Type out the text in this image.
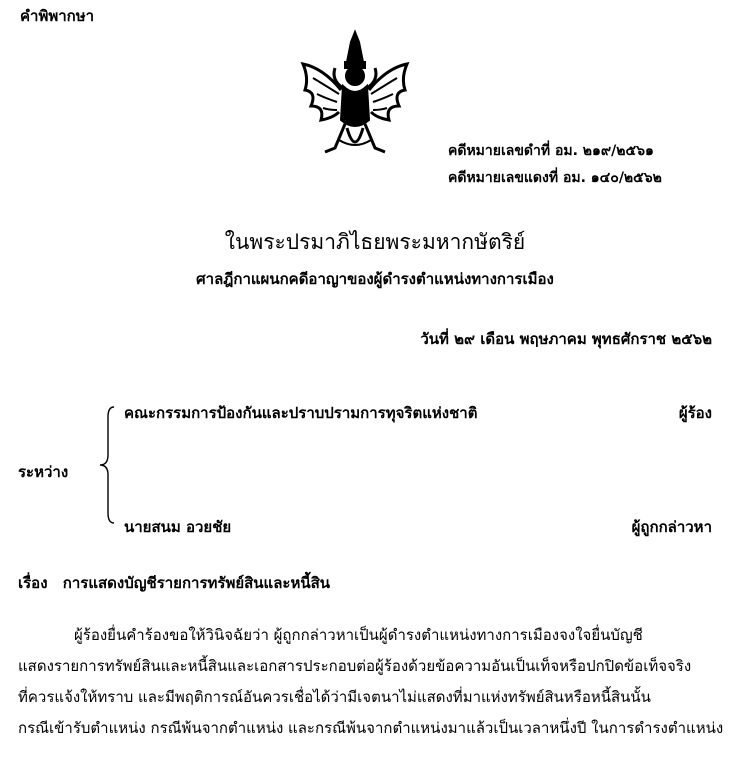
คำพิพากษา
คดีหมายเลขดำที่ อม. ๒๑๙/๒๕๖๑
คดีหมายเลขแดงที่ อม. ๑๔๐/๒๕๖๒
ในพระปรมาภิไธยพระมหากษัตริย์
ศาลฎีกาแผนกคดีอาญาของผู้ดำรงตำแหน่งทางการเมือง
วันที่ ๒๙ เดือน พฤษภาคม พุทธศักราช ๒๕๖๒
คณะกรรมการป้องกันและปราบปรามการทุจริตแห่งชาติ	ผู้ร้อง
ระหว่าง
นายสนม อวยชัย	ผู้ถูกกล่าวหา
เรื่อง การแสดงบัญชีรายการทรัพย์สินและหนี้สิน

ผู้ร้องยื่นคำร้องขอให้วินิจฉัยว่า ผู้ถูกกล่าวหาเป็นผู้ดำรงตำแหน่งทางการเมืองจงใจยื่นบัญชี

แสดงรายการทรัพย์สินและหนี้สินและเอกสารประกอบต่อผู้ร้องด้วยข้อความอันเป็นเท็จหรือปกปิดข้อเท็จจริง

ที่ควรแจ้งให้ทราบ และมีพฤติการณ์อันควรเชื่อได้ว่ามีเจตนาไม่แสดงที่มาแห่งทรัพย์สินหรือหนี้สินนั้น

กรณีเข้ารับตำแหน่ง กรณีพ้นจากตำแหน่ง และกรณีพ้นจากตำแหน่งมาแล้วเป็นเวลาหนึ่งปี ในการดำรงตำแหน่ง
